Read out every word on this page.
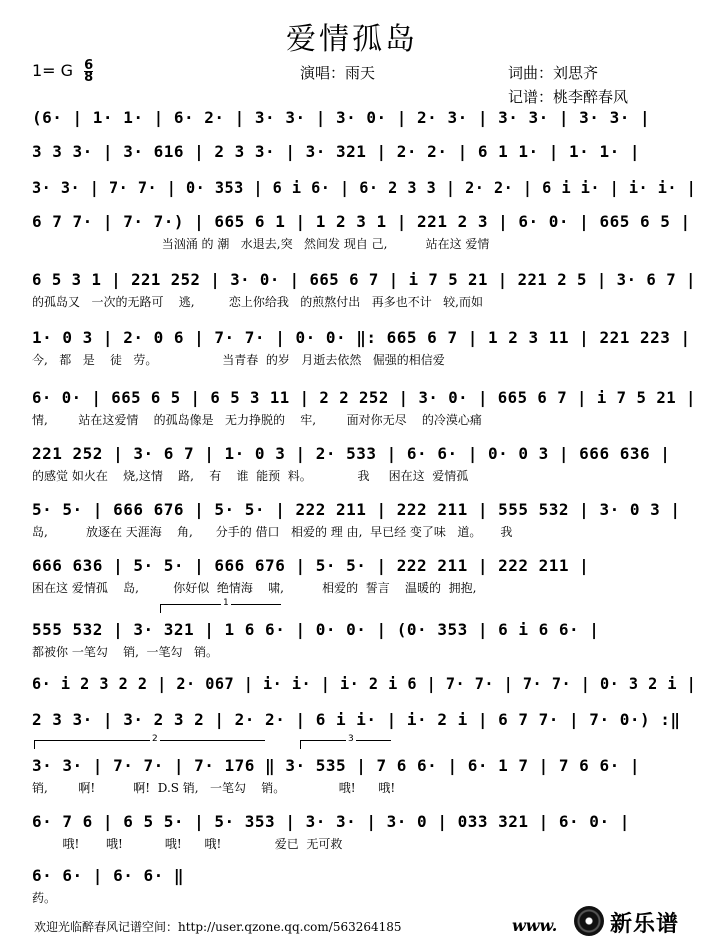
爱情孤岛
1= G $\frac{6}{8}$	演唱：雨天	词曲：刘思齐
记谱：桃李醉春风
(6· | 1· 1· | 6· 2· | 3· 3· | 3· 0· | 2· 3· | 3· 3· | 3· 3· |
3 3 3· | 3· 616 | 2 3 3· | 3· 321 | 2· 2· | 6 1 1· | 1· 1· |
3· 3· | 7· 7· | 0· 353 | 6 i 6· | 6· 2 3 3 | 2· 2· | 6 i i· | i· i· |
6 7 7· | 7· 7·) | 665 6 1 | 1 2 3 1 | 221 2 3 | 6· 0· | 665 6 5 |
当汹涌 的 潮   水退去,突   然间发 现自 己,          站在这 爱情
6 5 3 1 | 221 252 | 3· 0· | 665 6 7 | i 7 5 21 | 221 2 5 | 3· 6 7 |
的孤岛又   一次的无路可    逃,         恋上你给我   的煎熬付出   再多也不计   较,而如
1· 0 3 | 2· 0 6 | 7· 7· | 0· 0· ‖: 665 6 7 | 1 2 3 11 | 221 223 |
今,   都   是    徒   劳。                 当青春  的岁   月逝去依然   倔强的相信爱
6· 0· | 665 6 5 | 6 5 3 11 | 2 2 252 | 3· 0· | 665 6 7 | i 7 5 21 |
情,        站在这爱情    的孤岛像是   无力挣脱的    牢,        面对你无尽    的冷漠心痛
221 252 | 3· 6 7 | 1· 0 3 | 2· 533 | 6· 6· | 0· 0 3 | 666 636 |
的感觉 如火在    烧,这情    路,    有    谁  能预  料。            我     困在这  爱情孤
5· 5· | 666 676 | 5· 5· | 222 211 | 222 211 | 555 532 | 3· 0 3 |
岛,          放逐在 天涯海    角,      分手的 借口   相爱的 理 由,  早已经 变了味   道。     我
666 636 | 5· 5· | 666 676 | 5· 5· | 222 211 | 222 211 |
困在这 爱情孤    岛,         你好似  绝情海    啸,          相爱的  誓言    温暖的  拥抱,
1
555 532 | 3· 321 | 1 6 6· | 0· 0· | (0· 353 | 6 i 6 6· |
都被你 一笔勾    销,  一笔勾   销。
6· i 2 3 2 2 | 2· 067 | i· i· | i· 2 i 6 | 7· 7· | 7· 7· | 0· 3 2 i |
2 3 3· | 3· 2 3 2 | 2· 2· | 6 i i· | i· 2 i | 6 7 7· | 7· 0·) :‖
2	3
3· 3· | 7· 7· | 7· 176 ‖ 3· 535 | 7 6 6· | 6· 1 7 | 7 6 6· |
销,        啊!          啊!  D.S 销,   一笔勾    销。              哦!      哦!
6· 7 6 | 6 5 5· | 5· 353 | 3· 3· | 3· 0 | 033 321 | 6· 0· |
哦!       哦!           哦!      哦!              爱已  无可救
6· 6· | 6· 6· ‖
药。
欢迎光临醉春风记谱空间：http://user.qzone.qq.com/563264185	www. 新乐谱
